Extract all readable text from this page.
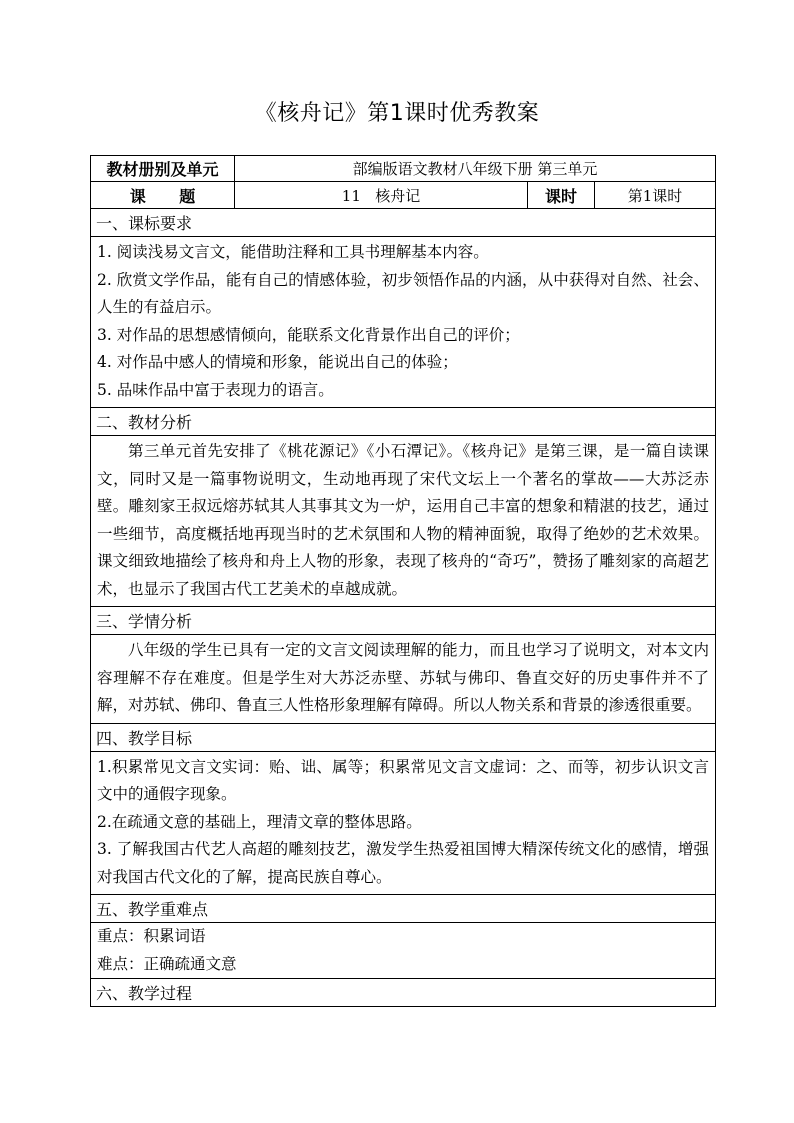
《核舟记》第1课时优秀教案
教材册别及单元	部编版语文教材八年级下册 第三单元
课      题	11   核舟记	课时	第1课时
一、课标要求

1. 阅读浅易文言文，能借助注释和工具书理解基本内容。

2. 欣赏文学作品，能有自己的情感体验，初步领悟作品的内涵，从中获得对自然、社会、人生的有益启示。

3. 对作品的思想感情倾向，能联系文化背景作出自己的评价；

4. 对作品中感人的情境和形象，能说出自己的体验；

5. 品味作品中富于表现力的语言。

二、教材分析

第三单元首先安排了《桃花源记》《小石潭记》。《核舟记》是第三课，是一篇自读课文，同时又是一篇事物说明文，生动地再现了宋代文坛上一个著名的掌故——大苏泛赤壁。雕刻家王叔远熔苏轼其人其事其文为一炉，运用自己丰富的想象和精湛的技艺，通过一些细节，高度概括地再现当时的艺术氛围和人物的精神面貌，取得了绝妙的艺术效果。课文细致地描绘了核舟和舟上人物的形象，表现了核舟的“奇巧”，赞扬了雕刻家的高超艺术，也显示了我国古代工艺美术的卓越成就。

三、学情分析

八年级的学生已具有一定的文言文阅读理解的能力，而且也学习了说明文，对本文内容理解不存在难度。但是学生对大苏泛赤壁、苏轼与佛印、鲁直交好的历史事件并不了解，对苏轼、佛印、鲁直三人性格形象理解有障碍。所以人物关系和背景的渗透很重要。

四、教学目标

1.积累常见文言文实词：贻、诎、属等；积累常见文言文虚词：之、而等，初步认识文言文中的通假字现象。

2.在疏通文意的基础上，理清文章的整体思路。

3. 了解我国古代艺人高超的雕刻技艺，激发学生热爱祖国博大精深传统文化的感情，增强对我国古代文化的了解，提高民族自尊心。

五、教学重难点

重点：积累词语

难点：正确疏通文意

六、教学过程
